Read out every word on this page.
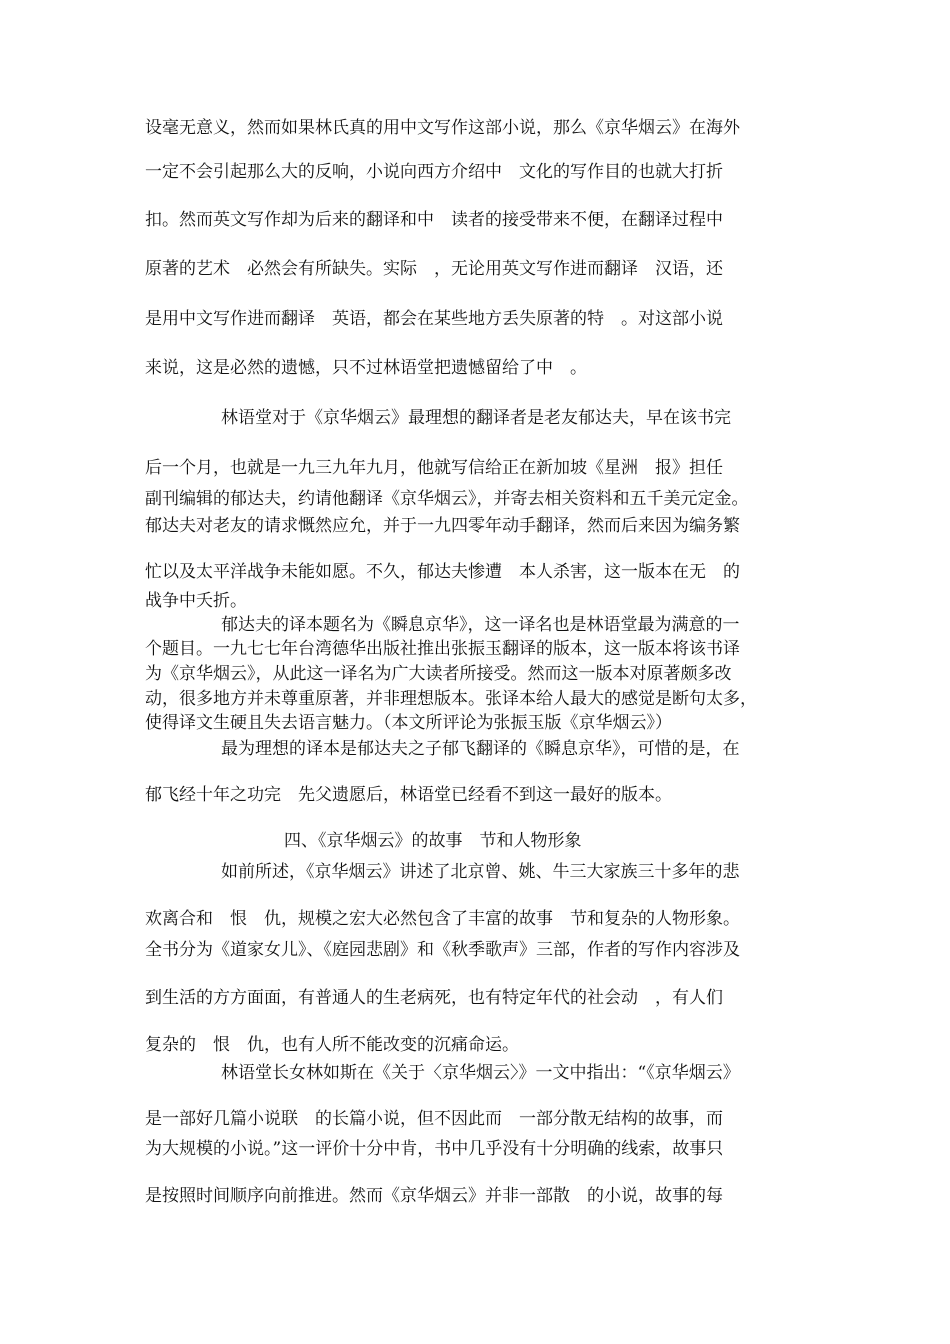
设毫无意义，然而如果林氏真的用中文写作这部小说，那么《京华烟云》在海外
一定不会引起那么大的反响，小说向西方介绍中　文化的写作目的也就大打折
扣。然而英文写作却为后来的翻译和中　读者的接受带来不便，在翻译过程中
原著的艺术　必然会有所缺失。实际　，无论用英文写作进而翻译　汉语，还
是用中文写作进而翻译　英语，都会在某些地方丢失原著的特　。对这部小说
来说，这是必然的遗憾，只不过林语堂把遗憾留给了中　。
林语堂对于《京华烟云》最理想的翻译者是老友郁达夫，早在该书完
后一个月，也就是一九三九年九月，他就写信给正在新加坡《星洲　报》担任
副刊编辑的郁达夫，约请他翻译《京华烟云》，并寄去相关资料和五千美元定金。
郁达夫对老友的请求慨然应允，并于一九四零年动手翻译，然而后来因为编务繁
忙以及太平洋战争未能如愿。不久，郁达夫惨遭　本人杀害，这一版本在无　的
战争中夭折。
郁达夫的译本题名为《瞬息京华》，这一译名也是林语堂最为满意的一
个题目。一九七七年台湾德华出版社推出张振玉翻译的版本，这一版本将该书译
为《京华烟云》，从此这一译名为广大读者所接受。然而这一版本对原著颇多改
动，很多地方并未尊重原著，并非理想版本。张译本给人最大的感觉是断句太多，
使得译文生硬且失去语言魅力。（本文所评论为张振玉版《京华烟云》）
最为理想的译本是郁达夫之子郁飞翻译的《瞬息京华》，可惜的是，在
郁飞经十年之功完　先父遗愿后，林语堂已经看不到这一最好的版本。
四、《京华烟云》的故事　节和人物形象
如前所述，《京华烟云》讲述了北京曾、姚、牛三大家族三十多年的悲
欢离合和　恨　仇，规模之宏大必然包含了丰富的故事　节和复杂的人物形象。
全书分为《道家女儿》、《庭园悲剧》和《秋季歌声》三部，作者的写作内容涉及
到生活的方方面面，有普通人的生老病死，也有特定年代的社会动　，有人们
复杂的　恨　仇，也有人所不能改变的沉痛命运。
林语堂长女林如斯在《关于〈京华烟云〉》一文中指出：“《京华烟云》
是一部好几篇小说联　的长篇小说，但不因此而　一部分散无结构的故事，而
为大规模的小说。”这一评价十分中肯，书中几乎没有十分明确的线索，故事只
是按照时间顺序向前推进。然而《京华烟云》并非一部散　的小说，故事的每
